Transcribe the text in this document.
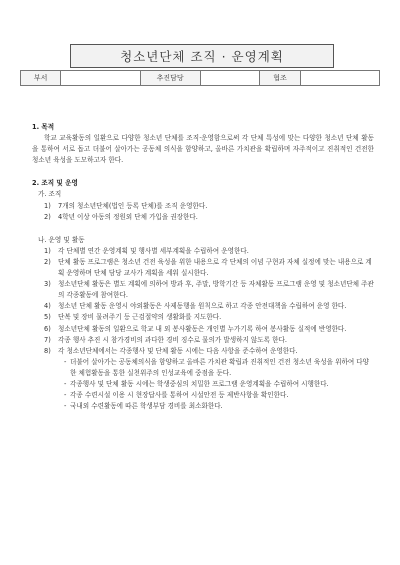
청소년단체 조직 · 운영계획
부서		추진담당		협조	
1. 목적
학교 교육활동의 일환으로 다양한 청소년 단체를 조직·운영함으로써 각 단체 특성에 맞는 다양한 청소년 단체 활동을 통하여 서로 돕고 더불어 살아가는 공동체 의식을 함양하고, 올바른 가치관을 확립하며 자주적이고 진취적인 건전한 청소년 육성을 도모하고자 한다.
2. 조직 및 운영
가. 조직
1) 7개의 청소년단체(법인 등록 단체)를 조직 운영한다.
2) 4학년 이상 아동의 정원외 단체 가입을 권장한다.
나. 운영 및 활동
1) 각 단체별 연간 운영계획 및 행사별 세부계획을 수립하여 운영한다.
2) 단체 활동 프로그램은 청소년 건전 육성을 위한 내용으로 각 단체의 이념 구현과 자체 실정에 맞는 내용으로 계획 운영하며 단체 담당 교사가 계획을 세워 실시한다.
3) 청소년단체 활동은 별도 계획에 의하여 방과 후, 주말, 방학기간 등 자체활동 프로그램 운영 및 청소년단체 주관의 각종활동에 참여한다.
4) 청소년 단체 활동 운영시 야외활동은 사제동행을 원칙으로 하고 각종 안전대책을 수립하여 운영 한다.
5) 단복 및 장비 물려주기 등 근검절약의 생활화를 지도한다.
6) 청소년단체 활동의 일환으로 학교 내 외 봉사활동은 개인별 누가기록 하여 봉사활동 실적에 반영한다.
7) 각종 행사 추진 시 참가경비의 과다한 경비 징수로 물의가 발생하지 않도록 한다.
8) 각 청소년단체에서는 각종행사 및 단체 활동 시에는 다음 사항을 준수하여 운영한다.
- 더불어 살아가는 공동체의식을 함양하고 올바른 가치관 확립과 진취적인 건전 청소년 육성을 위하여 다양한 체험활동을 통한 실천위주의 인성교육에 중점을 둔다.
- 각종행사 및 단체 활동 시에는 학생중심의 치밀한 프로그램 운영계획을 수립하여 시행한다.
- 각종 수련시설 이용 시 현장답사를 통하여 시설안전 등 제반사항을 확인한다.
- 국내외 수련활동에 따른 학생부담 경비를 최소화한다.
